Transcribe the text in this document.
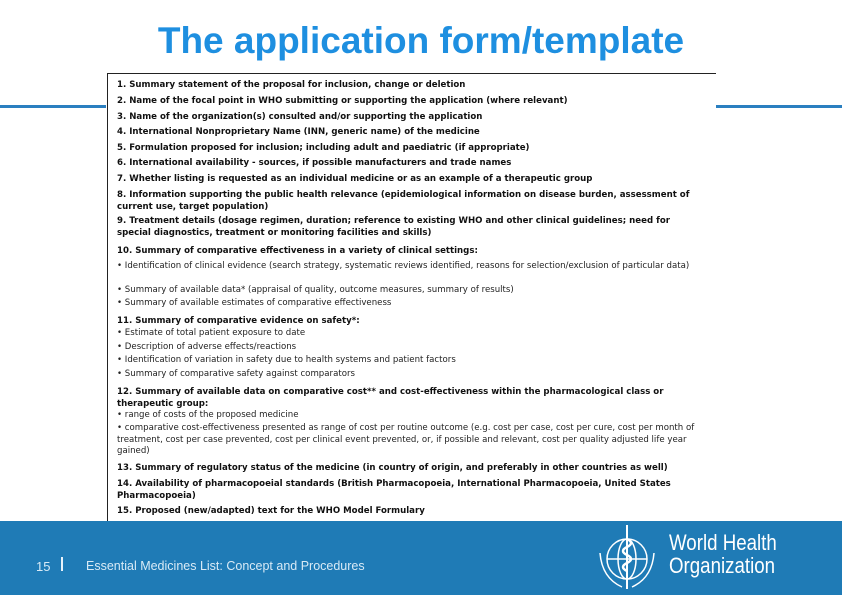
The application form/template
1. Summary statement of the proposal for inclusion, change or deletion
2. Name of the focal point in WHO submitting or supporting the application (where relevant)
3. Name of the organization(s) consulted and/or supporting the application
4. International Nonproprietary Name (INN, generic name) of the medicine
5. Formulation proposed for inclusion; including adult and paediatric (if appropriate)
6. International availability - sources, if possible manufacturers and trade names
7. Whether listing is requested as an individual medicine or as an example of a therapeutic group
8. Information supporting the public health relevance (epidemiological information on disease burden, assessment of current use, target population)
9. Treatment details (dosage regimen, duration; reference to existing WHO and other clinical guidelines; need for special diagnostics, treatment or monitoring facilities and skills)
10. Summary of comparative effectiveness in a variety of clinical settings:
• Identification of clinical evidence (search strategy, systematic reviews identified, reasons for selection/exclusion of particular data)
• Summary of available data* (appraisal of quality, outcome measures, summary of results)
• Summary of available estimates of comparative effectiveness
11. Summary of comparative evidence on safety*:
• Estimate of total patient exposure to date
• Description of adverse effects/reactions
• Identification of variation in safety due to health systems and patient factors
• Summary of comparative safety against comparators
12. Summary of available data on comparative cost** and cost-effectiveness within the pharmacological class or therapeutic group:
• range of costs of the proposed medicine
• comparative cost-effectiveness presented as range of cost per routine outcome (e.g. cost per case, cost per cure, cost per month of treatment, cost per case prevented, cost per clinical event prevented, or, if possible and relevant, cost per quality adjusted life year gained)
13. Summary of regulatory status of the medicine (in country of origin, and preferably in other countries as well)
14. Availability of pharmacopoeial standards (British Pharmacopoeia, International Pharmacopoeia, United States Pharmacopoeia)
15. Proposed (new/adapted) text for the WHO Model Formulary
15	Essential Medicines List: Concept and Procedures
World Health
Organization
